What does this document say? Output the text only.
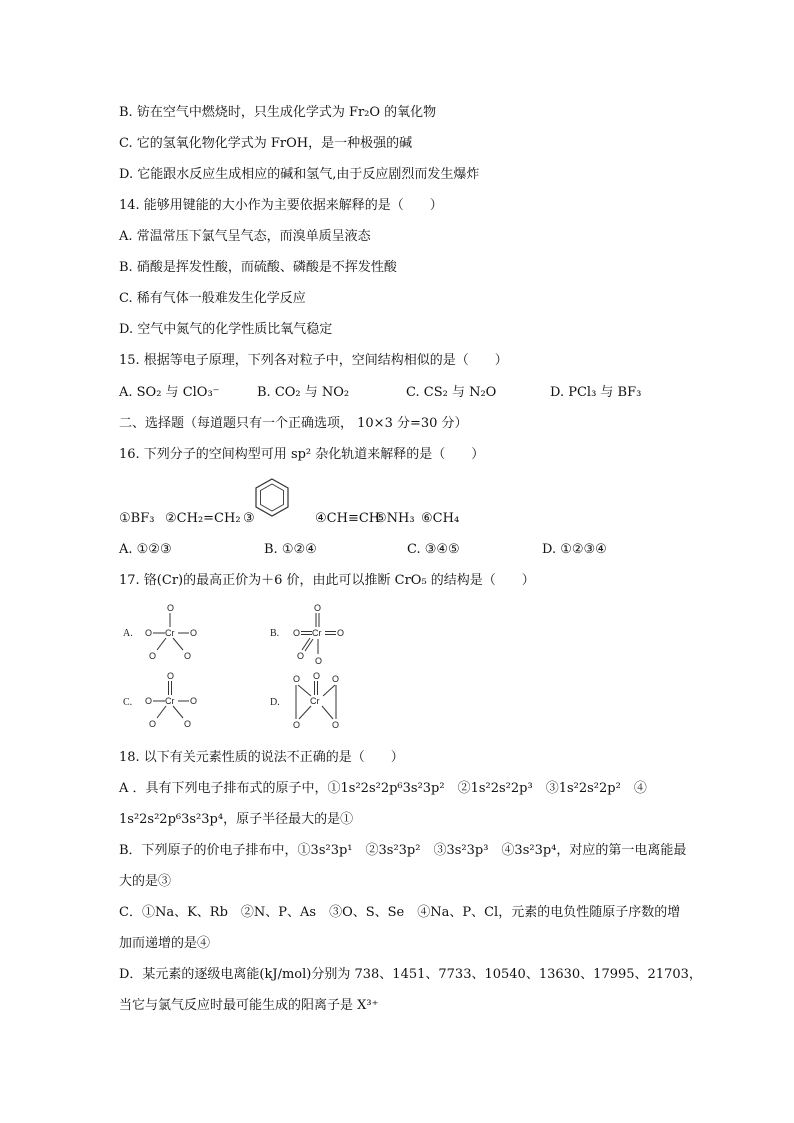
B. 钫在空气中燃烧时，只生成化学式为 Fr₂O 的氧化物
C. 它的氢氧化物化学式为 FrOH，是一种极强的碱
D. 它能跟水反应生成相应的碱和氢气,由于反应剧烈而发生爆炸
14. 能够用键能的大小作为主要依据来解释的是（　　）
A. 常温常压下氯气呈气态，而溴单质呈液态
B. 硝酸是挥发性酸，而硫酸、磷酸是不挥发性酸
C. 稀有气体一般难发生化学反应
D. 空气中氮气的化学性质比氧气稳定
15. 根据等电子原理，下列各对粒子中，空间结构相似的是（　　）
A. SO₂ 与 ClO₃⁻	B. CO₂ 与 NO₂	C. CS₂ 与 N₂O	D. PCl₃ 与 BF₃
二、选择题（每道题只有一个正确选项， 10×3 分=30 分）
16. 下列分子的空间构型可用 sp² 杂化轨道来解释的是（　　）
①BF₃ ②CH₂=CH₂ ③	④CH≡CH
⑤NH₃ ⑥CH₄
A. ①②③	B. ①②④	C. ③④⑤	D. ①②③④
17. 铬(Cr)的最高正价为＋6 价，由此可以推断 CrO₅ 的结构是（　　）
A.
O
O Cr O
O	O
B.
O
O Cr O
O O
C.
O
O Cr O
O	O
D.
O
O	O
Cr
O	O
18. 以下有关元素性质的说法不正确的是（　　）
A ．具有下列电子排布式的原子中，①1s²2s²2p⁶3s²3p²　②1s²2s²2p³　③1s²2s²2p²　④
1s²2s²2p⁶3s²3p⁴，原子半径最大的是①
B．下列原子的价电子排布中，①3s²3p¹　②3s²3p²　③3s²3p³　④3s²3p⁴，对应的第一电离能最
大的是③
C．①Na、K、Rb　②N、P、As　③O、S、Se　④Na、P、Cl，元素的电负性随原子序数的增
加而递增的是④
D．某元素的逐级电离能(kJ/mol)分别为 738、1451、7733、10540、13630、17995、21703，
当它与氯气反应时最可能生成的阳离子是 X³⁺
